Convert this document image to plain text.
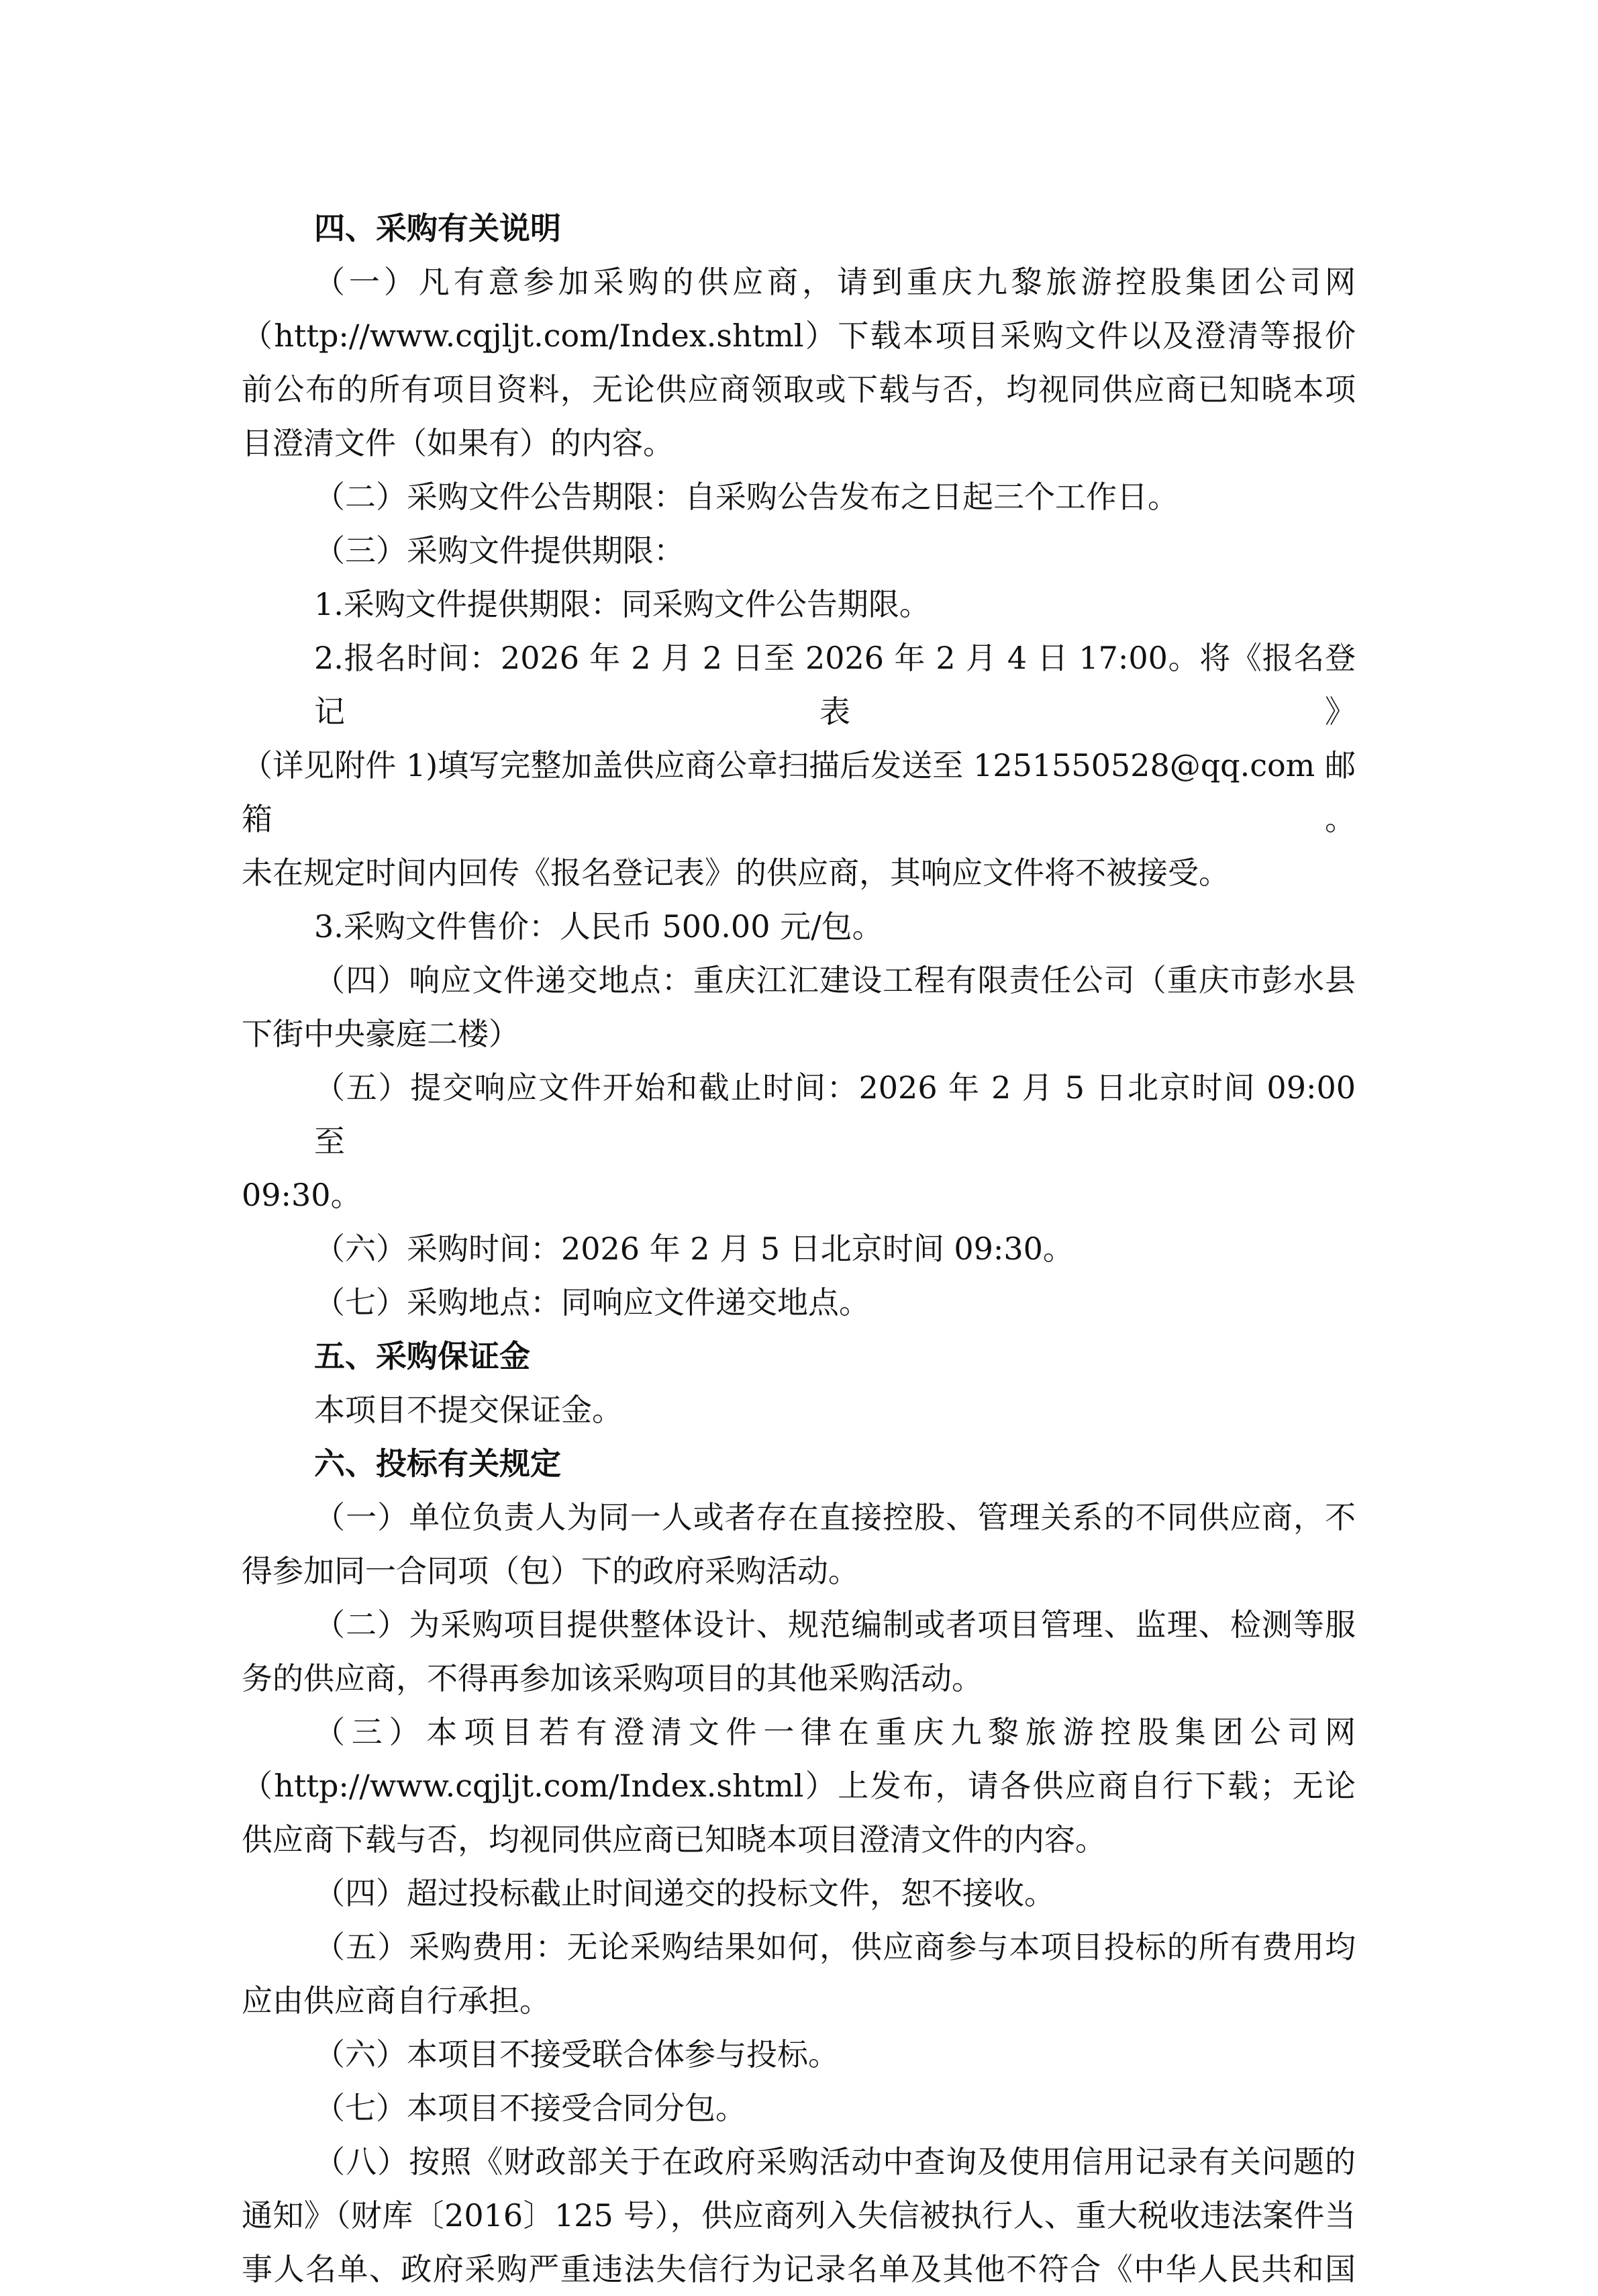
四、采购有关说明

（一）凡有意参加采购的供应商，请到重庆九黎旅游控股集团公司网

（http://www.cqjljt.com/Index.shtml）下载本项目采购文件以及澄清等报价

前公布的所有项目资料，无论供应商领取或下载与否，均视同供应商已知晓本项

目澄清文件（如果有）的内容。

（二）采购文件公告期限：自采购公告发布之日起三个工作日。

（三）采购文件提供期限：

1.采购文件提供期限：同采购文件公告期限。

2.报名时间：2026 年 2 月 2 日至 2026 年 2 月 4 日 17:00。将《报名登记表》

（详见附件 1)填写完整加盖供应商公章扫描后发送至 1251550528@qq.com 邮箱。

未在规定时间内回传《报名登记表》的供应商，其响应文件将不被接受。

3.采购文件售价：人民币 500.00 元/包。

（四）响应文件递交地点：重庆江汇建设工程有限责任公司（重庆市彭水县

下街中央豪庭二楼）

（五）提交响应文件开始和截止时间：2026 年 2 月 5 日北京时间 09:00 至

09:30。

（六）采购时间：2026 年 2 月 5 日北京时间 09:30。

（七）采购地点：同响应文件递交地点。

五、采购保证金

本项目不提交保证金。

六、投标有关规定

（一）单位负责人为同一人或者存在直接控股、管理关系的不同供应商，不

得参加同一合同项（包）下的政府采购活动。

（二）为采购项目提供整体设计、规范编制或者项目管理、监理、检测等服

务的供应商，不得再参加该采购项目的其他采购活动。

（三）本项目若有澄清文件一律在重庆九黎旅游控股集团公司网

（http://www.cqjljt.com/Index.shtml）上发布，请各供应商自行下载；无论

供应商下载与否，均视同供应商已知晓本项目澄清文件的内容。

（四）超过投标截止时间递交的投标文件，恕不接收。

（五）采购费用：无论采购结果如何，供应商参与本项目投标的所有费用均

应由供应商自行承担。

（六）本项目不接受联合体参与投标。

（七）本项目不接受合同分包。

（八）按照《财政部关于在政府采购活动中查询及使用信用记录有关问题的

通知》（财库〔2016〕125 号），供应商列入失信被执行人、重大税收违法案件当

事人名单、政府采购严重违法失信行为记录名单及其他不符合《中华人民共和国
